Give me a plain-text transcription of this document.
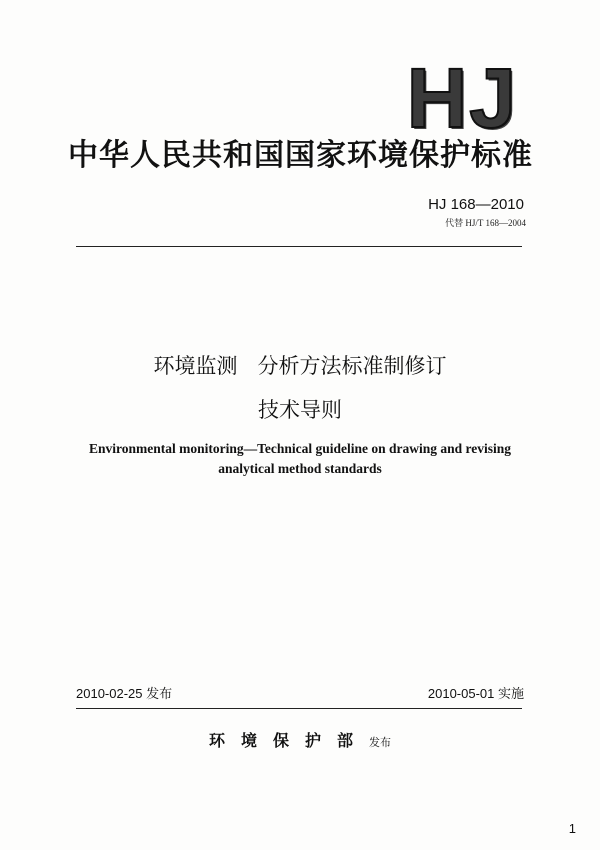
HJ
中华人民共和国国家环境保护标准
HJ 168—2010
代替 HJ/T 168—2004
环境监测   分析方法标准制修订
技术导则
Environmental monitoring—Technical guideline on drawing and revising
analytical method standards
2010-02-25 发布	2010-05-01 实施
环境保护部发布
1
